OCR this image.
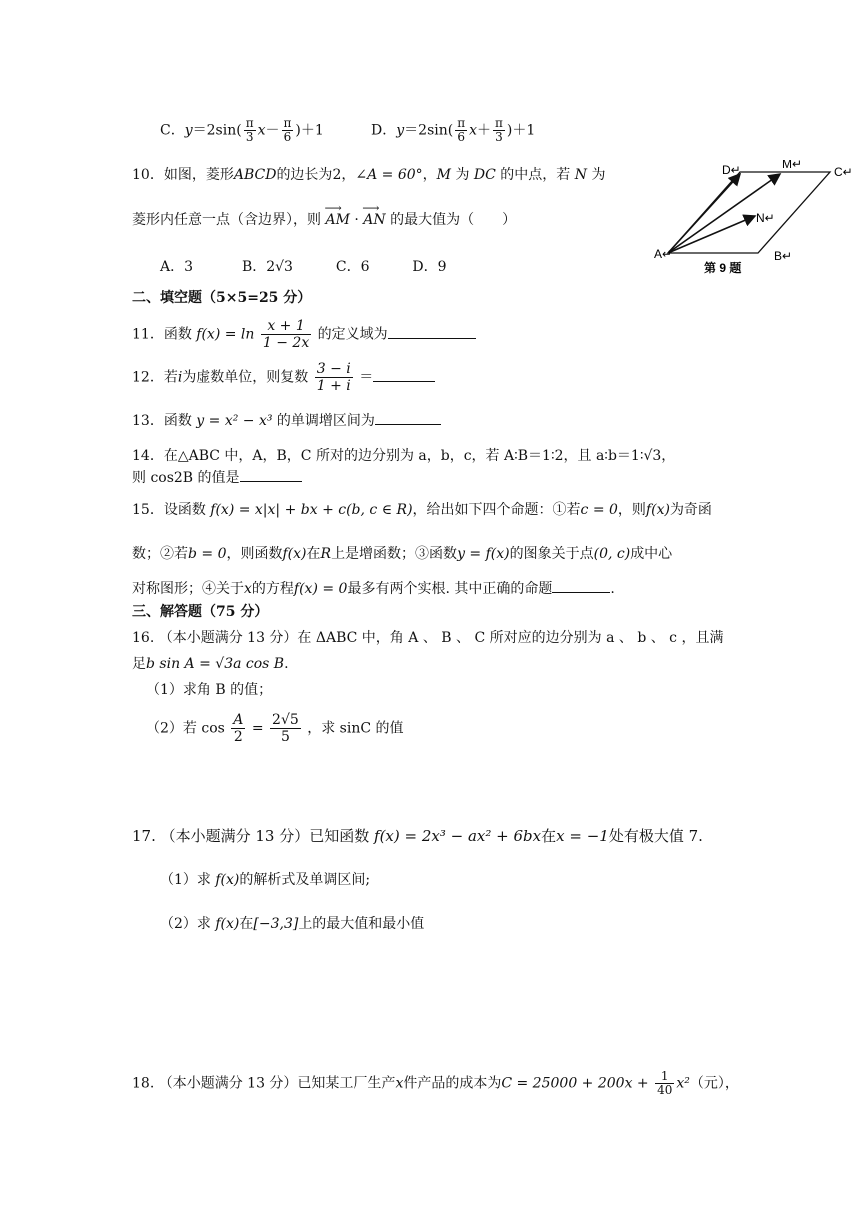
C．$y=2\sin( \frac{\pi}{3} x- \frac{\pi}{6} )+1$	D．$y=2\sin( \frac{\pi}{6} x+ \frac{\pi}{3} )+1$
10．如图，菱形ABCD的边长为2，∠A = 60°，M 为 DC 的中点，若 N 为
菱形内任意一点（含边界），则 ⟶ AM · ⟶ AN 的最大值为（　　）
A．3	B．2√3	C．6	D．9
D↵	M↵
C↵
N↵
A↵	B↵
第 9 题
二、填空题（5×5=25 分）
11．函数 $f(x) = \ln \frac{x + 1}{1 - 2x}$ 的定义域为
12．若i为虚数单位，则复数 $\frac{3 - i}{1 + i}$ ＝
13．函数 y = x² − x³ 的单调增区间为
14．在△ABC 中，A，B，C 所对的边分别为 a，b，c，若 A∶B＝1∶2，且 a∶b＝1∶√3，
则 cos2B 的值是
15．设函数 f(x) = x|x| + bx + c(b, c ∈ R)，给出如下四个命题：①若c = 0，则f(x)为奇函
数；②若b = 0，则函数f(x)在R上是增函数；③函数y = f(x)的图象关于点(0, c)成中心
对称图形；④关于x的方程f(x) = 0最多有两个实根. 其中正确的命题	.
三、解答题（75 分）
16. （本小题满分 13 分）在 ΔABC 中，角 A 、 B 、 C 所对应的边分别为 a 、 b 、 c ，且满
足b sin A = √3a cos B.
（1）求角 B 的值；
（2）若 $\cos \frac{A}{2} = \frac{2√5}{5}$ ，求 sinC 的值
17. （本小题满分 13 分）已知函数 f(x) = 2x³ − ax² + 6bx在x = −1处有极大值 7.
（1）求 f(x)的解析式及单调区间;
（2）求 f(x)在[−3,3]上的最大值和最小值
18. （本小题满分 13 分）已知某工厂生产x件产品的成本为$C = 25000 + 200x + \frac{1}{40} x^2$（元），
